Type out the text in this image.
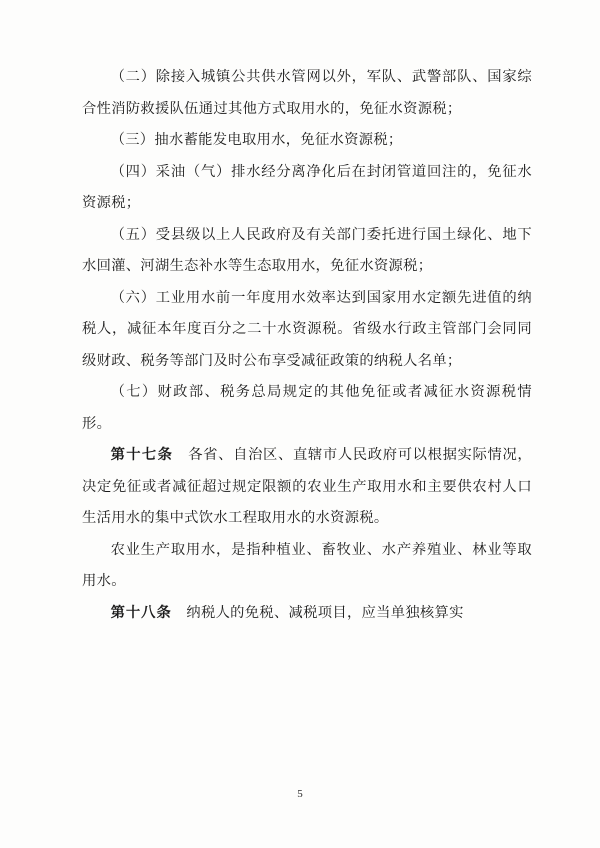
（二）除接入城镇公共供水管网以外，军队、武警部队、国家综合性消防救援队伍通过其他方式取用水的，免征水资源税；

（三）抽水蓄能发电取用水，免征水资源税；

（四）采油（气）排水经分离净化后在封闭管道回注的，免征水资源税；

（五）受县级以上人民政府及有关部门委托进行国土绿化、地下水回灌、河湖生态补水等生态取用水，免征水资源税；

（六）工业用水前一年度用水效率达到国家用水定额先进值的纳税人，减征本年度百分之二十水资源税。省级水行政主管部门会同同级财政、税务等部门及时公布享受减征政策的纳税人名单；

（七）财政部、税务总局规定的其他免征或者减征水资源税情形。

第十七条　各省、自治区、直辖市人民政府可以根据实际情况，决定免征或者减征超过规定限额的农业生产取用水和主要供农村人口生活用水的集中式饮水工程取用水的水资源税。

农业生产取用水，是指种植业、畜牧业、水产养殖业、林业等取用水。

第十八条　纳税人的免税、减税项目，应当单独核算实

5
